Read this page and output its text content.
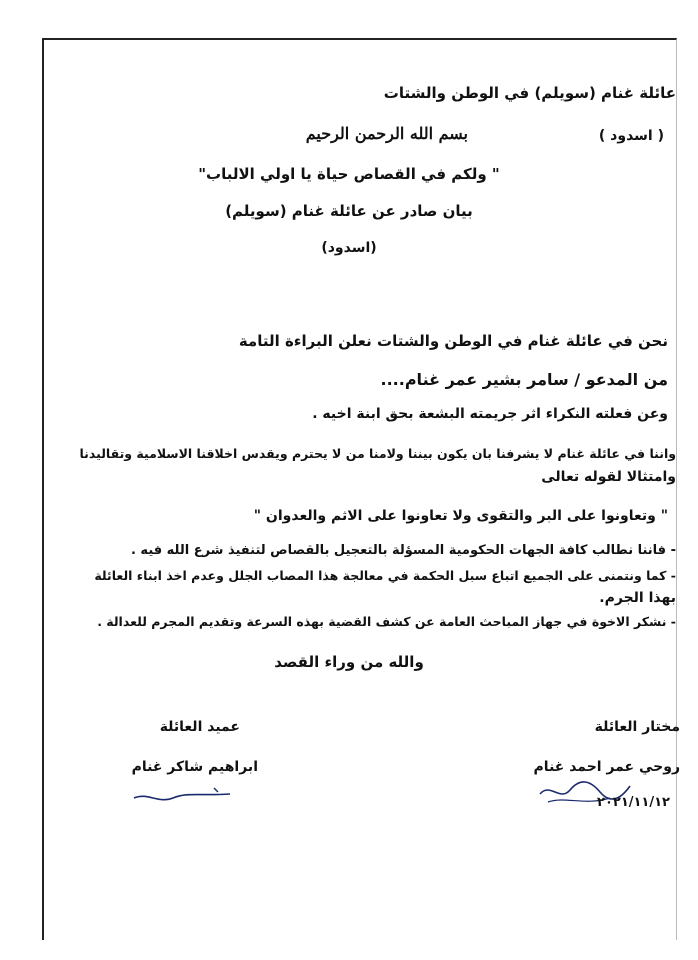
عائلة غنام (سويلم) في الوطن والشتات
بسم الله الرحمن الرحيم	( اسدود )
" ولكم في القصاص حياة يا اولي الالباب"
بيان صادر عن عائلة غنام (سويلم)
(اسدود)
نحن في عائلة غنام في الوطن والشتات نعلن البراءة التامة
من المدعو / سامر بشير عمر غنام....
وعن فعلته النكراء اثر جريمته البشعة بحق ابنة اخيه .
واننا في عائلة غنام لا يشرفنا بان يكون بيننا ولامنا من لا يحترم ويقدس اخلاقنا الاسلامية وتقاليدنا
وامتثالا لقوله تعالى
" وتعاونوا على البر والتقوى ولا تعاونوا على الاثم والعدوان "
- فاننا نطالب كافة الجهات الحكومية المسؤلة بالتعجيل بالقصاص لتنفيذ شرع الله فيه .
- كما ونتمنى على الجميع اتباع سبل الحكمة في معالجة هذا المصاب الجلل وعدم اخذ ابناء العائلة
بهذا الجرم.
- نشكر الاخوة في جهاز المباحث العامة عن كشف القضية بهذه السرعة وتقديم المجرم للعدالة .
والله من وراء القصد
مختار العائلة
روحي عمر احمد غنام
٢٠٢١/١١/١٢
عميد العائلة
ابراهيم شاكر غنام
